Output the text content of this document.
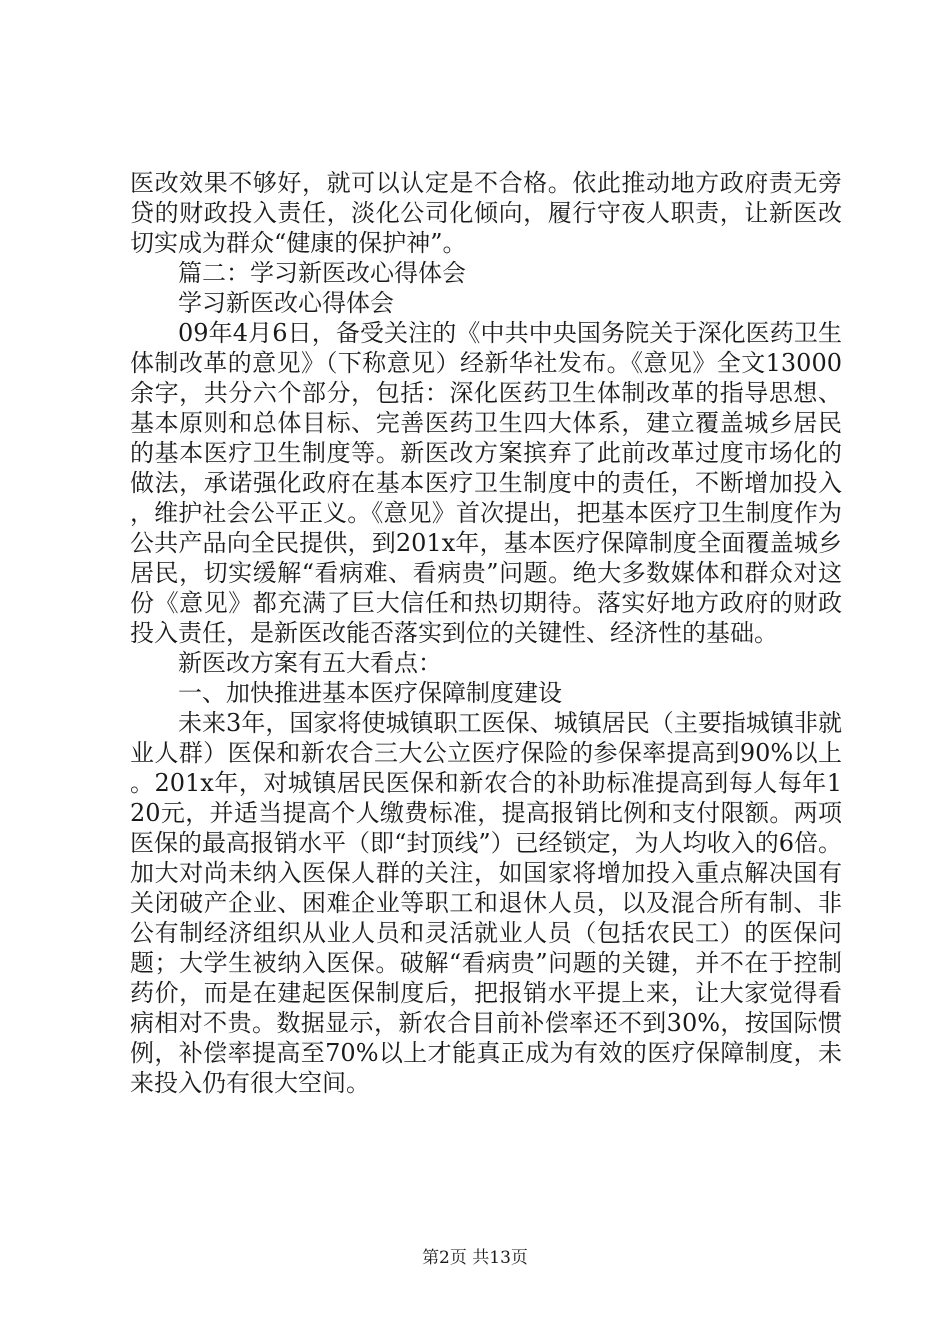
医改效果不够好，就可以认定是不合格。依此推动地方政府责无旁贷的财政投入责任，淡化公司化倾向，履行守夜人职责，让新医改切实成为群众“健康的保护神”。

篇二：学习新医改心得体会

学习新医改心得体会

09年4月6日，备受关注的《中共中央国务院关于深化医药卫生体制改革的意见》（下称意见）经新华社发布。《意见》全文13000余字，共分六个部分，包括：深化医药卫生体制改革的指导思想、基本原则和总体目标、完善医药卫生四大体系，建立覆盖城乡居民的基本医疗卫生制度等。新医改方案摈弃了此前改革过度市场化的做法，承诺强化政府在基本医疗卫生制度中的责任，不断增加投入，维护社会公平正义。《意见》首次提出，把基本医疗卫生制度作为公共产品向全民提供，到201x年，基本医疗保障制度全面覆盖城乡居民，切实缓解“看病难、看病贵”问题。绝大多数媒体和群众对这份《意见》都充满了巨大信任和热切期待。落实好地方政府的财政投入责任，是新医改能否落实到位的关键性、经济性的基础。

新医改方案有五大看点：

一、加快推进基本医疗保障制度建设

未来3年，国家将使城镇职工医保、城镇居民（主要指城镇非就业人群）医保和新农合三大公立医疗保险的参保率提高到90%以上。201x年，对城镇居民医保和新农合的补助标准提高到每人每年120元，并适当提高个人缴费标准，提高报销比例和支付限额。两项医保的最高报销水平（即“封顶线”）已经锁定，为人均收入的6倍。加大对尚未纳入医保人群的关注，如国家将增加投入重点解决国有关闭破产企业、困难企业等职工和退休人员，以及混合所有制、非公有制经济组织从业人员和灵活就业人员（包括农民工）的医保问题；大学生被纳入医保。破解“看病贵”问题的关键，并不在于控制药价，而是在建起医保制度后，把报销水平提上来，让大家觉得看病相对不贵。数据显示，新农合目前补偿率还不到30%，按国际惯例，补偿率提高至70%以上才能真正成为有效的医疗保障制度，未来投入仍有很大空间。

第2页 共13页
